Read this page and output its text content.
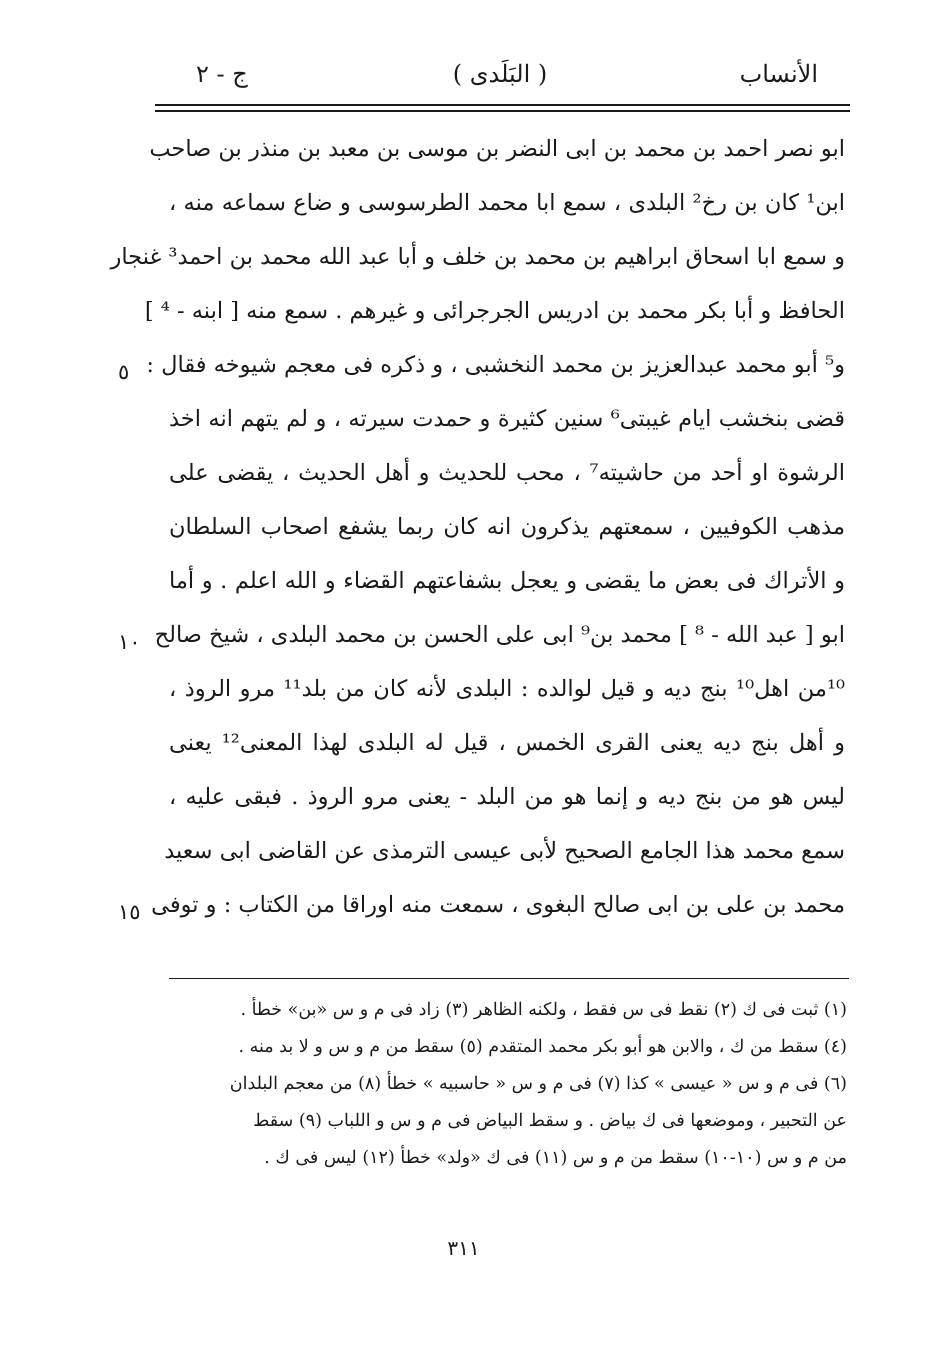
الأنساب
( البَلَدى )
ج - ٢
ابو نصر احمد بن محمد بن ابى النضر بن موسى بن معبد بن منذر بن صاحب
ابن¹ كان بن رخ² البلدى ، سمع ابا محمد الطرسوسى و ضاع سماعه منه ،
و سمع ابا اسحاق ابراهيم بن محمد بن خلف و أبا عبد الله محمد بن احمد³ غنجار
الحافظ و أبا بكر محمد بن ادريس الجرجرائى و غيرهم . سمع منه [ ابنه - ⁴ ]
و⁵ أبو محمد عبدالعزيز بن محمد النخشبى ، و ذكره فى معجم شيوخه فقال :
قضى بنخشب ايام غيبتى⁶ سنين كثيرة و حمدت سيرته ، و لم يتهم انه اخذ
الرشوة او أحد من حاشيته⁷ ، محب للحديث و أهل الحديث ، يقضى على
مذهب الكوفيين ، سمعتهم يذكرون انه كان ربما يشفع اصحاب السلطان
و الأتراك فى بعض ما يقضى و يعجل بشفاعتهم القضاء و الله اعلم . و أما
ابو [ عبد الله - ⁸ ] محمد بن⁹ ابى على الحسن بن محمد البلدى ، شيخ صالح
¹⁰من اهل¹⁰ بنج ديه و قيل لوالده : البلدى لأنه كان من بلد¹¹ مرو الروذ ،
و أهل بنج ديه يعنى القرى الخمس ، قيل له البلدى لهذا المعنى¹² يعنى
ليس هو من بنج ديه و إنما هو من البلد - يعنى مرو الروذ . فبقى عليه ،
سمع محمد هذا الجامع الصحيح لأبى عيسى الترمذى عن القاضى ابى سعيد
محمد بن على بن ابى صالح البغوى ، سمعت منه اوراقا من الكتاب : و توفى
٥
١٠
١٥
(١) ثبت فى ك (٢) نقط فى س فقط ، ولكنه الظاهر (٣) زاد فى م و س «بن» خطأ .
(٤) سقط من ك ، والابن هو أبو بكر محمد المتقدم (٥) سقط من م و س و لا بد منه .
(٦) فى م و س « عيسى » كذا (٧) فى م و س « حاسبيه » خطأ (٨) من معجم البلدان
عن التحبير ، وموضعها فى ك بياض . و سقط البياض فى م و س و اللباب (٩) سقط
من م و س (١٠-١٠) سقط من م و س (١١) فى ك «ولد» خطأ (١٢) ليس فى ك .
٣١١
